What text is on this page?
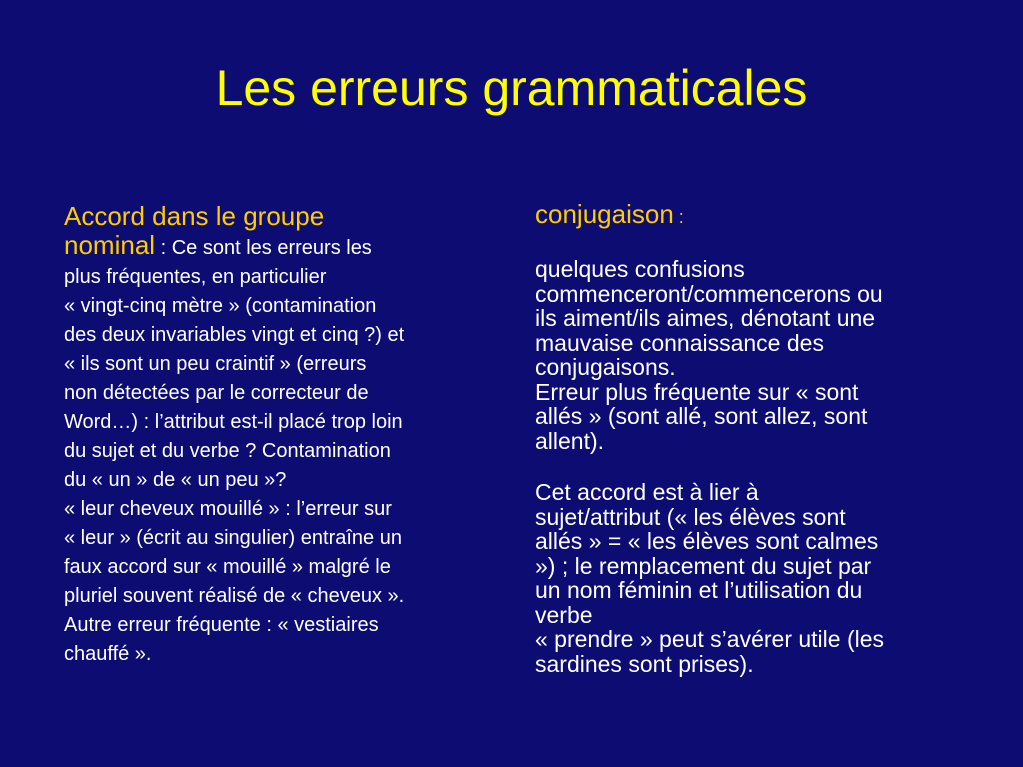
Les erreurs grammaticales
Accord dans le groupe
nominal : Ce sont les erreurs les
plus fréquentes, en particulier
« vingt-cinq mètre » (contamination
des deux invariables vingt et cinq ?) et
« ils sont un peu craintif » (erreurs
non détectées par le correcteur de
Word…) : l’attribut est-il placé trop loin
du sujet et du verbe ? Contamination
du « un » de « un peu »?
« leur cheveux mouillé » : l’erreur sur
« leur » (écrit au singulier) entraîne un
faux accord sur « mouillé » malgré le
pluriel souvent réalisé de « cheveux ».
Autre erreur fréquente : « vestiaires
chauffé ».
conjugaison :

quelques confusions
commenceront/commencerons ou
ils aiment/ils aimes, dénotant une
mauvaise connaissance des
conjugaisons.
Erreur plus fréquente sur « sont
allés » (sont allé, sont allez, sont
allent).

Cet accord est à lier à
sujet/attribut (« les élèves sont
allés » = « les élèves sont calmes
») ; le remplacement du sujet par
un nom féminin et l’utilisation du
verbe
« prendre » peut s’avérer utile (les
sardines sont prises).
